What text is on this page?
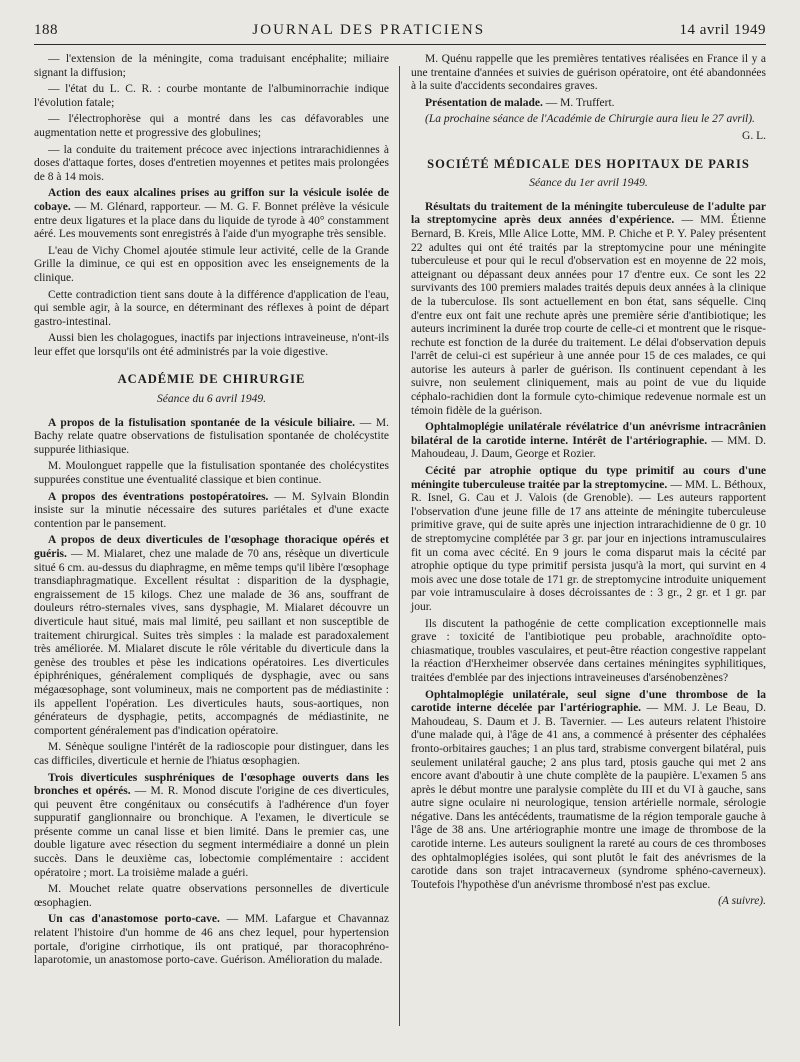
188	JOURNAL DES PRATICIENS	14 avril 1949

— l'extension de la méningite, coma traduisant encéphalite; miliaire signant la diffusion;

— l'état du L. C. R. : courbe montante de l'albuminorrachie indique l'évolution fatale;

— l'électrophorèse qui a montré dans les cas défavorables une augmentation nette et progressive des globulines;

— la conduite du traitement précoce avec injections intrarachidiennes à doses d'attaque fortes, doses d'entretien moyennes et petites mais prolongées de 8 à 14 mois.

Action des eaux alcalines prises au griffon sur la vésicule isolée de cobaye. — M. Glénard, rapporteur. — M. G. F. Bonnet prélève la vésicule entre deux ligatures et la place dans du liquide de tyrode à 40° constamment aéré. Les mouvements sont enregistrés à l'aide d'un myographe très sensible.

L'eau de Vichy Chomel ajoutée stimule leur activité, celle de la Grande Grille la diminue, ce qui est en opposition avec les enseignements de la clinique.

Cette contradiction tient sans doute à la différence d'application de l'eau, qui semble agir, à la source, en déterminant des réflexes à point de départ gastro-intestinal.

Aussi bien les cholagogues, inactifs par injections intraveineuse, n'ont-ils leur effet que lorsqu'ils ont été administrés par la voie digestive.

ACADÉMIE DE CHIRURGIE
Séance du 6 avril 1949.

A propos de la fistulisation spontanée de la vésicule biliaire. — M. Bachy relate quatre observations de fistulisation spontanée de cholécystite suppurée lithiasique.

M. Moulonguet rappelle que la fistulisation spontanée des cholécystites suppurées constitue une éventualité classique et bien continue.

A propos des éventrations postopératoires. — M. Sylvain Blondin insiste sur la minutie nécessaire des sutures pariétales et d'une exacte contention par le pansement.

A propos de deux diverticules de l'œsophage thoracique opérés et guéris. — M. Mialaret, chez une malade de 70 ans, résèque un diverticule situé 6 cm. au-dessus du diaphragme, en même temps qu'il libère l'œsophage transdiaphragmatique. Excellent résultat : disparition de la dysphagie, engraissement de 15 kilogs. Chez une malade de 36 ans, souffrant de douleurs rétro-sternales vives, sans dysphagie, M. Mialaret découvre un diverticule haut situé, mais mal limité, peu saillant et non susceptible de traitement chirurgical. Suites très simples : la malade est paradoxalement très améliorée. M. Mialaret discute le rôle véritable du diverticule dans la genèse des troubles et pèse les indications opératoires. Les diverticules épiphréniques, généralement compliqués de dysphagie, avec ou sans mégaœsophage, sont volumineux, mais ne comportent pas de médiastinite : ils appellent l'opération. Les diverticules hauts, sous-aortiques, non générateurs de dysphagie, petits, accompagnés de médiastinite, ne comportent généralement pas d'indication opératoire.

M. Sénèque souligne l'intérêt de la radioscopie pour distinguer, dans les cas difficiles, diverticule et hernie de l'hiatus œsophagien.

Trois diverticules susphréniques de l'œsophage ouverts dans les bronches et opérés. — M. R. Monod discute l'origine de ces diverticules, qui peuvent être congénitaux ou consécutifs à l'adhérence d'un foyer suppuratif ganglionnaire ou bronchique. A l'examen, le diverticule se présente comme un canal lisse et bien limité. Dans le premier cas, une double ligature avec résection du segment intermédiaire a donné un plein succès. Dans le deuxième cas, lobectomie complémentaire : accident opératoire ; mort. La troisième malade a guéri.

M. Mouchet relate quatre observations personnelles de diverticule œsophagien.

Un cas d'anastomose porto-cave. — MM. Lafargue et Chavannaz relatent l'histoire d'un homme de 46 ans chez lequel, pour hypertension portale, d'origine cirrhotique, ils ont pratiqué, par thoracophréno-laparotomie, un anastomose porto-cave. Guérison. Amélioration du malade.

M. Quénu rappelle que les premières tentatives réalisées en France il y a une trentaine d'années et suivies de guérison opératoire, ont été abandonnées à la suite d'accidents secondaires graves.

Présentation de malade. — M. Truffert.

(La prochaine séance de l'Académie de Chirurgie aura lieu le 27 avril).

G. L.
SOCIÉTÉ MÉDICALE DES HOPITAUX DE PARIS
Séance du 1er avril 1949.

Résultats du traitement de la méningite tuberculeuse de l'adulte par la streptomycine après deux années d'expérience. — MM. Étienne Bernard, B. Kreis, Mlle Alice Lotte, MM. P. Chiche et P. Y. Paley présentent 22 adultes qui ont été traités par la streptomycine pour une méningite tuberculeuse et pour qui le recul d'observation est en moyenne de 22 mois, atteignant ou dépassant deux années pour 17 d'entre eux. Ce sont les 22 survivants des 100 premiers malades traités depuis deux années à la clinique de la tuberculose. Ils sont actuellement en bon état, sans séquelle. Cinq d'entre eux ont fait une rechute après une première série d'antibiotique; les auteurs incriminent la durée trop courte de celle-ci et montrent que le risque-rechute est fonction de la durée du traitement. Le délai d'observation depuis l'arrêt de celui-ci est supérieur à une année pour 15 de ces malades, ce qui autorise les auteurs à parler de guérison. Ils continuent cependant à les suivre, non seulement cliniquement, mais au point de vue du liquide céphalo-rachidien dont la formule cyto-chimique redevenue normale est un témoin fidèle de la guérison.

Ophtalmoplégie unilatérale révélatrice d'un anévrisme intracrânien bilatéral de la carotide interne. Intérêt de l'artériographie. — MM. D. Mahoudeau, J. Daum, George et Rozier.

Cécité par atrophie optique du type primitif au cours d'une méningite tuberculeuse traitée par la streptomycine. — MM. L. Béthoux, R. Isnel, G. Cau et J. Valois (de Grenoble). — Les auteurs rapportent l'observation d'une jeune fille de 17 ans atteinte de méningite tuberculeuse primitive grave, qui de suite après une injection intrarachidienne de 0 gr. 10 de streptomycine complétée par 3 gr. par jour en injections intramusculaires fit un coma avec cécité. En 9 jours le coma disparut mais la cécité par atrophie optique du type primitif persista jusqu'à la mort, qui survint en 4 mois avec une dose totale de 171 gr. de streptomycine introduite uniquement par voie intramusculaire à doses décroissantes de : 3 gr., 2 gr. et 1 gr. par jour.

Ils discutent la pathogénie de cette complication exceptionnelle mais grave : toxicité de l'antibiotique peu probable, arachnoïdite opto-chiasmatique, troubles vasculaires, et peut-être réaction congestive rappelant la réaction d'Herxheimer observée dans certaines méningites syphilitiques, traitées d'emblée par des injections intraveineuses d'arsénobenzènes?

Ophtalmoplégie unilatérale, seul signe d'une thrombose de la carotide interne décelée par l'artériographie. — MM. J. Le Beau, D. Mahoudeau, S. Daum et J. B. Tavernier. — Les auteurs relatent l'histoire d'une malade qui, à l'âge de 41 ans, a commencé à présenter des céphalées fronto-orbitaires gauches; 1 an plus tard, strabisme convergent bilatéral, puis seulement unilatéral gauche; 2 ans plus tard, ptosis gauche qui met 2 ans encore avant d'aboutir à une chute complète de la paupière. L'examen 5 ans après le début montre une paralysie complète du III et du VI à gauche, sans autre signe oculaire ni neurologique, tension artérielle normale, sérologie négative. Dans les antécédents, traumatisme de la région temporale gauche à l'âge de 38 ans. Une artériographie montre une image de thrombose de la carotide interne. Les auteurs soulignent la rareté au cours de ces thromboses des ophtalmoplégies isolées, qui sont plutôt le fait des anévrismes de la carotide dans son trajet intracaverneux (syndrome sphéno-caverneux). Toutefois l'hypothèse d'un anévrisme thrombosé n'est pas exclue.

(A suivre).
